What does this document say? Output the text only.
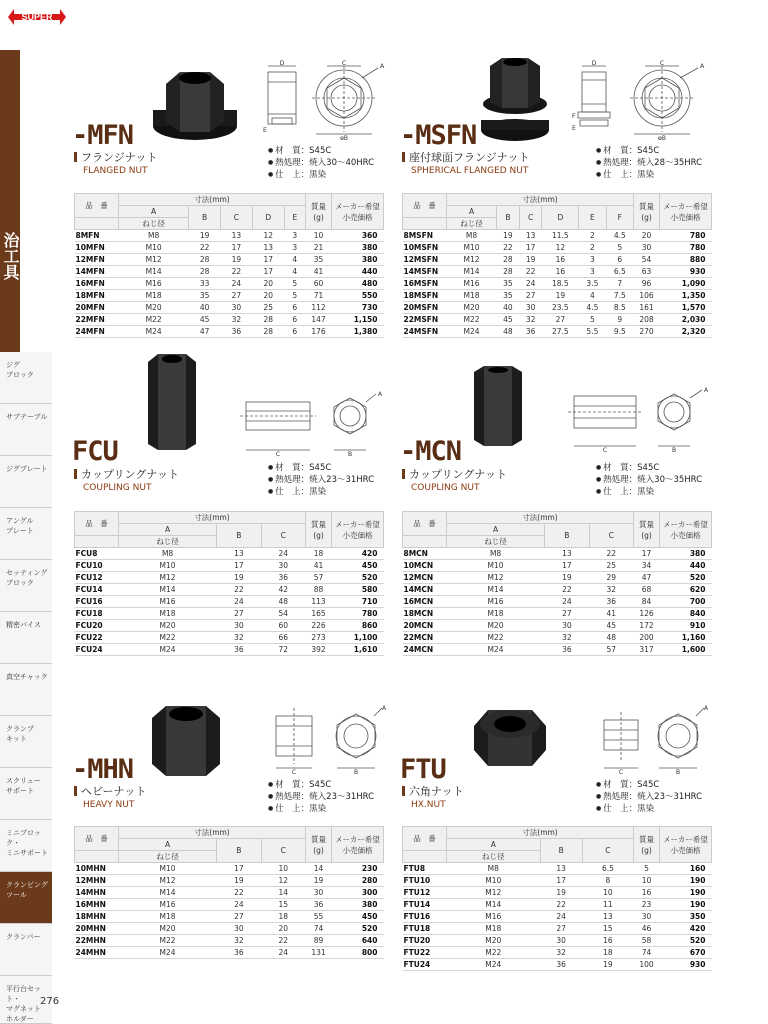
SUPER
治工具
ジグ
ブロック
サブテーブル
ジグプレート
アングル
プレート
セッティング
ブロック
精密バイス
真空チャック
クランプ
キット
スクリュー
サポート
ミニブロック・
ミニサポート
クランピング
ツール
クランパー
平行台セット・
マグネット
ホルダー
276
D	C	A
φB
E
-MFN
フランジナット
FLANGED NUT
● 材　質：S45C
● 熱処理：焼入30～40HRC
● 仕　上：黒染
品　番	寸法(mm)					質量
(g)	メーカー希望
小売価格
	A	B	C	D	E		
	ねじ径						
8MFN	M8	19	13	12	3	10	360
10MFN	M10	22	17	13	3	21	380
12MFN	M12	28	19	17	4	35	380
14MFN	M14	28	22	17	4	41	440
16MFN	M16	33	24	20	5	60	480
18MFN	M18	35	27	20	5	71	550
20MFN	M20	40	30	25	6	112	730
22MFN	M22	45	32	28	6	147	1,150
24MFN	M24	47	36	28	6	176	1,380
D	C	A
φB
E
F
-MSFN
座付球面フランジナット
SPHERICAL FLANGED NUT
● 材　質：S45C
● 熱処理：焼入28～35HRC
● 仕　上：黒染
品　番	寸法(mm)						質量
(g)	メーカー希望
小売価格
	A	B	C	D	E	F		
	ねじ径							
8MSFN	M8	19	13	11.5	2	4.5	20	780
10MSFN	M10	22	17	12	2	5	30	780
12MSFN	M12	28	19	16	3	6	54	880
14MSFN	M14	28	22	16	3	6.5	63	930
16MSFN	M16	35	24	18.5	3.5	7	96	1,090
18MSFN	M18	35	27	19	4	7.5	106	1,350
20MSFN	M20	40	30	23.5	4.5	8.5	161	1,570
22MSFN	M22	45	32	27	5	9	208	2,030
24MSFN	M24	48	36	27.5	5.5	9.5	270	2,320
C	B
A
FCU
カップリングナット
COUPLING NUT
● 材　質：S45C
● 熱処理：焼入23～31HRC
● 仕　上：黒染
品　番	寸法(mm)			質量
(g)	メーカー希望
小売価格
	A	B	C		
	ねじ径				
FCU8	M8	13	24	18	420
FCU10	M10	17	30	41	450
FCU12	M12	19	36	57	520
FCU14	M14	22	42	88	580
FCU16	M16	24	48	113	710
FCU18	M18	27	54	165	780
FCU20	M20	30	60	226	860
FCU22	M22	32	66	273	1,100
FCU24	M24	36	72	392	1,610
C	B
A
-MCN
カップリングナット
COUPLING NUT
● 材　質：S45C
● 熱処理：焼入30～35HRC
● 仕　上：黒染
品　番	寸法(mm)			質量
(g)	メーカー希望
小売価格
	A	B	C		
	ねじ径				
8MCN	M8	13	22	17	380
10MCN	M10	17	25	34	440
12MCN	M12	19	29	47	520
14MCN	M14	22	32	68	620
16MCN	M16	24	36	84	700
18MCN	M18	27	41	126	840
20MCN	M20	30	45	172	910
22MCN	M22	32	48	200	1,160
24MCN	M24	36	57	317	1,600
C	B
A
-MHN
ヘビーナット
HEAVY NUT
● 材　質：S45C
● 熱処理：焼入23～31HRC
● 仕　上：黒染
品　番	寸法(mm)			質量
(g)	メーカー希望
小売価格
	A	B	C		
	ねじ径				
10MHN	M10	17	10	14	230
12MHN	M12	19	12	19	280
14MHN	M14	22	14	30	300
16MHN	M16	24	15	36	380
18MHN	M18	27	18	55	450
20MHN	M20	30	20	74	520
22MHN	M22	32	22	89	640
24MHN	M24	36	24	131	800
C	B
A
FTU
六角ナット
HX.NUT
● 材　質：S45C
● 熱処理：焼入23～31HRC
● 仕　上：黒染
品　番	寸法(mm)			質量
(g)	メーカー希望
小売価格
	A	B	C		
	ねじ径				
FTU8	M8	13	6.5	5	160
FTU10	M10	17	8	10	190
FTU12	M12	19	10	16	190
FTU14	M14	22	11	23	190
FTU16	M16	24	13	30	350
FTU18	M18	27	15	46	420
FTU20	M20	30	16	58	520
FTU22	M22	32	18	74	670
FTU24	M24	36	19	100	930
